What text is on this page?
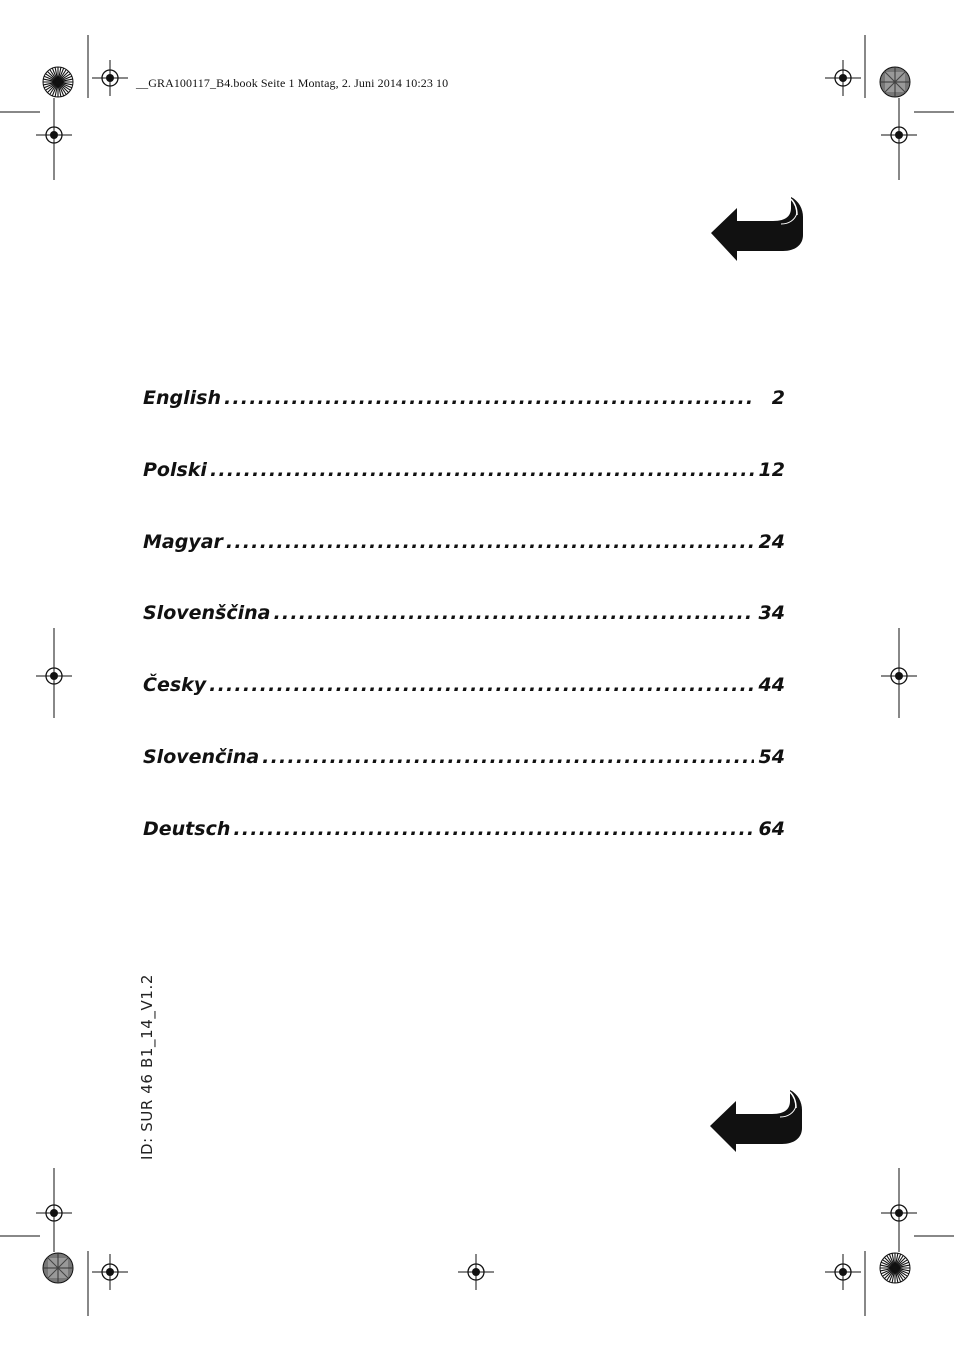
__GRA100117_B4.book Seite 1 Montag, 2. Juni 2014 10:23 10
English .....	2
Polski .....	12
Magyar .....	24
Slovenščina .....	34
Česky .....	44
Slovenčina .....	54
Deutsch .....	64
ID: SUR 46 B1_14_V1.2
